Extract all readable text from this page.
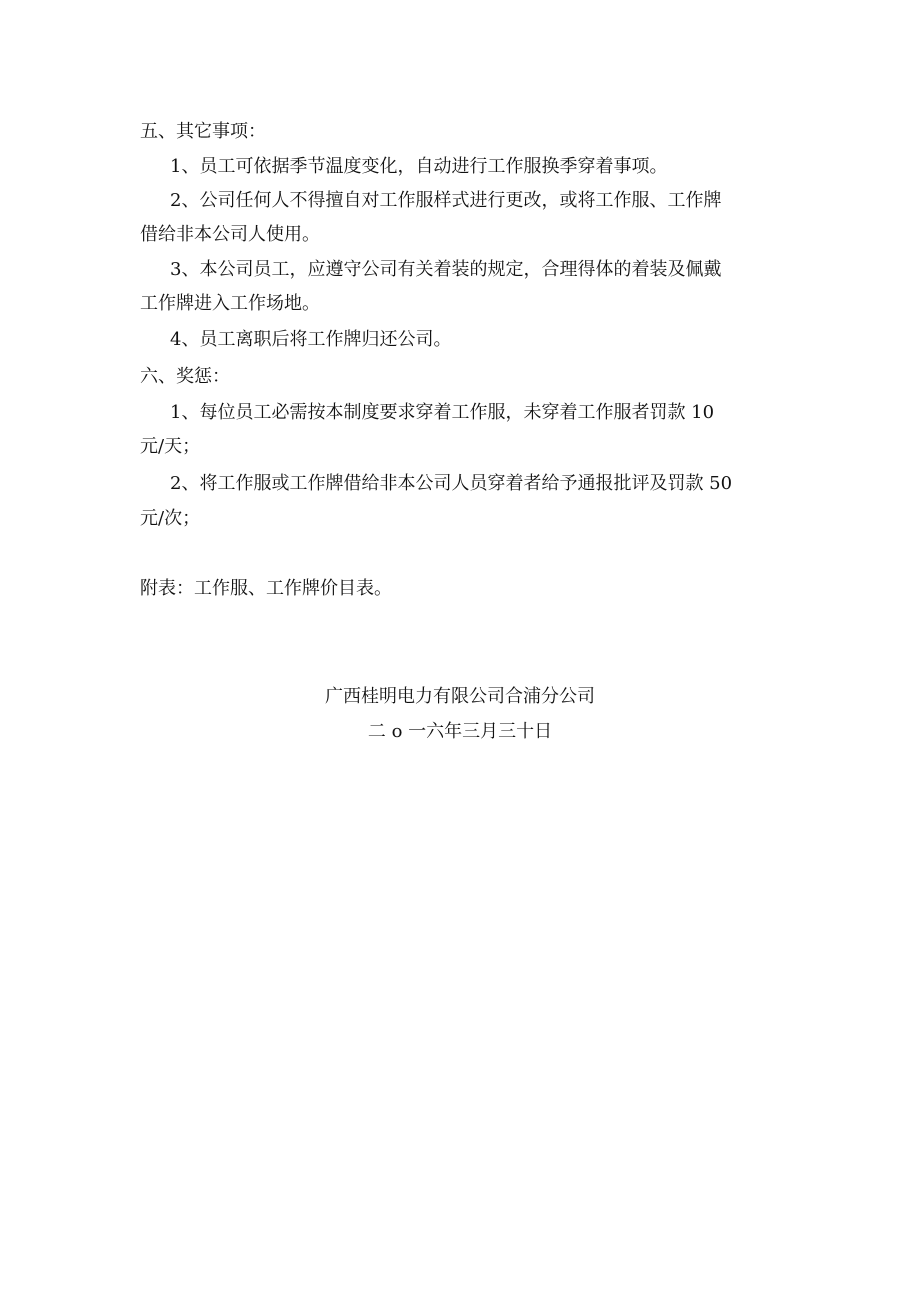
五、其它事项：
1、员工可依据季节温度变化，自动进行工作服换季穿着事项。
2、公司任何人不得擅自对工作服样式进行更改，或将工作服、工作牌
借给非本公司人使用。
3、本公司员工，应遵守公司有关着装的规定，合理得体的着装及佩戴
工作牌进入工作场地。
4、员工离职后将工作牌归还公司。
六、奖惩：
1、每位员工必需按本制度要求穿着工作服，未穿着工作服者罚款 10
元/天；
2、将工作服或工作牌借给非本公司人员穿着者给予通报批评及罚款 50
元/次；
附表：工作服、工作牌价目表。
广西桂明电力有限公司合浦分公司
二 o 一六年三月三十日
